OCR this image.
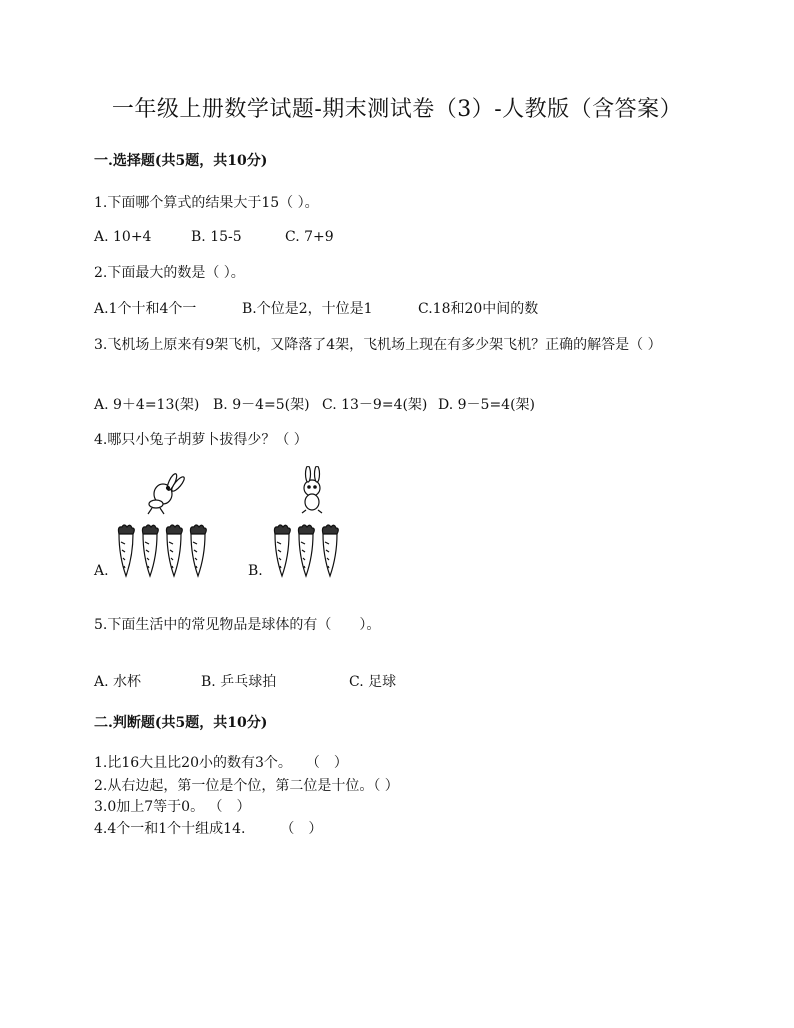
一年级上册数学试题-期末测试卷（3）-人教版（含答案）
一.选择题(共5题，共10分)
1.下面哪个算式的结果大于15（ ）。
A. 10+4	B. 15-5	C. 7+9
2.下面最大的数是（ ）。
A.1个十和4个一	B.个位是2，十位是1	C.18和20中间的数
3.飞机场上原来有9架飞机，又降落了4架，飞机场上现在有多少架飞机？正确的解答是（ ）
A. 9＋4=13(架) B. 9－4=5(架) C. 13－9=4(架) D. 9－5=4(架)
4.哪只小兔子胡萝卜拔得少？（ ）
A.	B.
5.下面生活中的常见物品是球体的有（　　）。
A. 水杯	B. 乒乓球拍	C. 足球
二.判断题(共5题，共10分)
1.比16大且比20小的数有3个。　　（　）
2.从右边起，第一位是个位，第二位是十位。（ ）
3.0加上7等于0。 （　）
4.4个一和1个十组成14.　　　（　）
